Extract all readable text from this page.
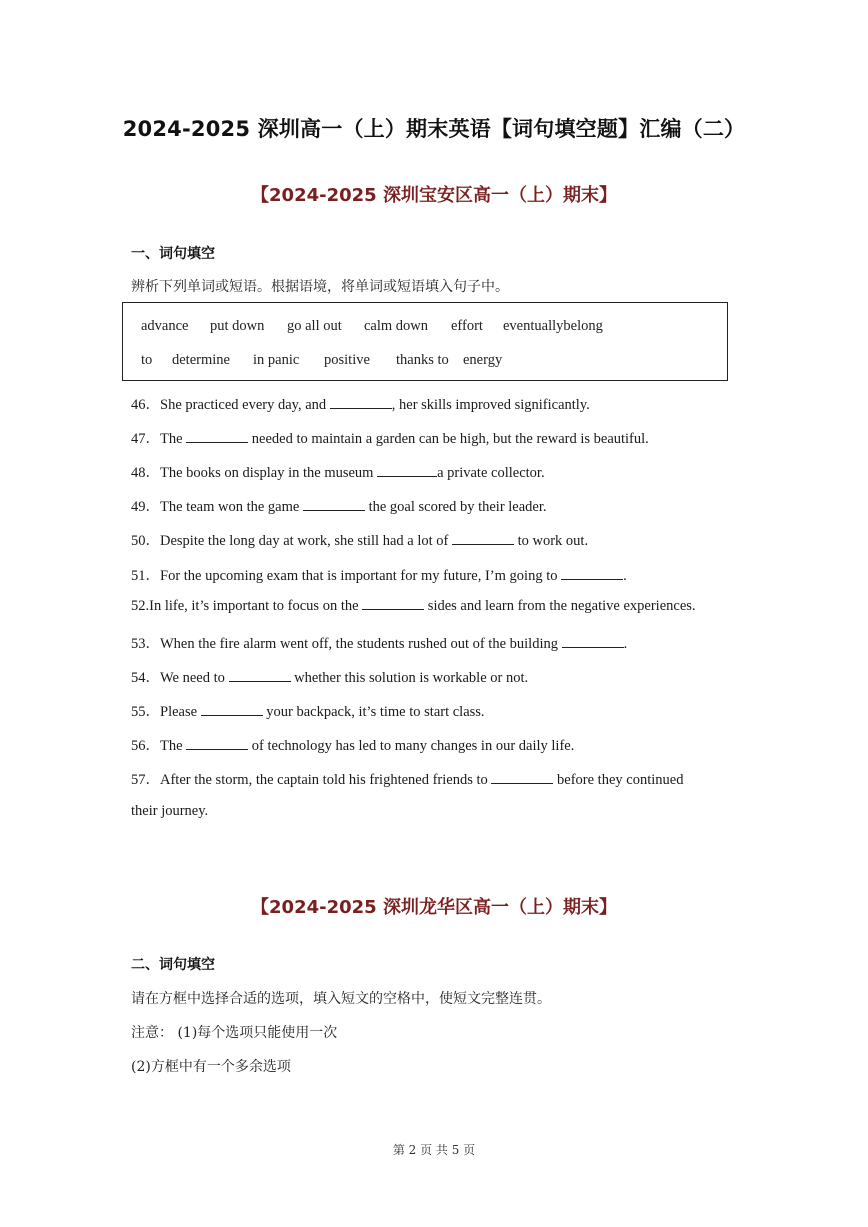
2024-2025 深圳高一（上）期末英语【词句填空题】汇编（二）
【2024-2025 深圳宝安区高一（上）期末】
一、词句填空
辨析下列单词或短语。根据语境，将单词或短语填入句子中。
advance put down go all out calm down effort eventuallybelong
to determine in panic positive thanks to energy
46．She practiced every day, and	, her skills improved significantly.
47．The	needed to maintain a garden can be high, but the reward is beautiful.
48．The books on display in the museum	a private collector.
49．The team won the game	the goal scored by their leader.
50．Despite the long day at work, she still had a lot of	to work out.
51．For the upcoming exam that is important for my future, I’m going to	.
52.In life, it’s important to focus on the	sides and learn from the negative experiences.
53．When the fire alarm went off, the students rushed out of the building	.
54．We need to	whether this solution is workable or not.
55．Please	your backpack, it’s time to start class.
56．The	of technology has led to many changes in our daily life.
57．After the storm, the captain told his frightened friends to	before they continued
their journey.
【2024-2025 深圳龙华区高一（上）期末】
二、词句填空
请在方框中选择合适的选项，填入短文的空格中，使短文完整连贯。
注意： (1)每个选项只能使用一次
(2)方框中有一个多余选项
第 2 页 共 5 页
